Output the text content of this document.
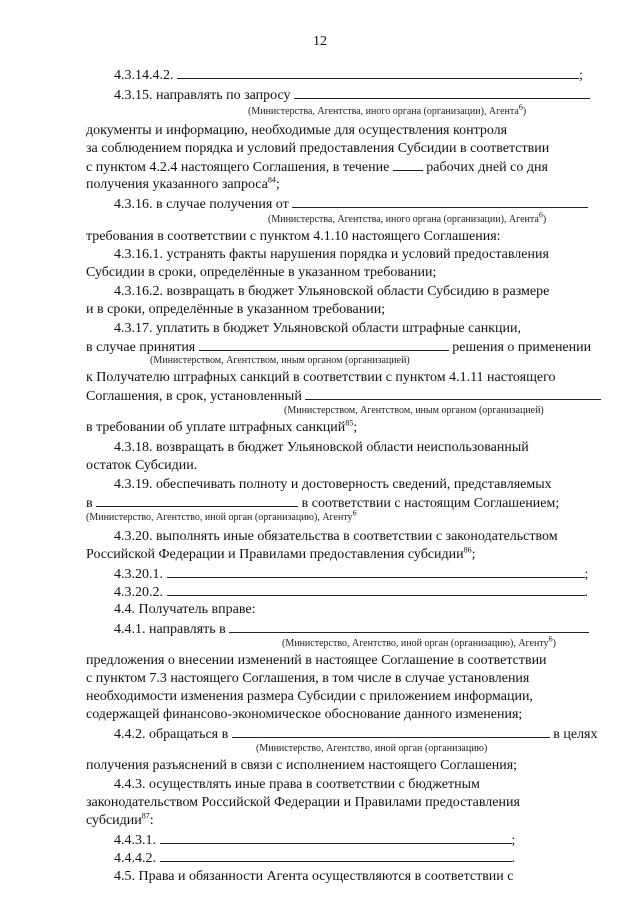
12
4.3.14.4.2.	;
4.3.15. направлять по запросу
(Министерства, Агентства, иного органа (организации), Агента$^6$)
документы и информацию, необходимые для осуществления контроля
за соблюдением порядка и условий предоставления Субсидии в соответствии
с пунктом 4.2.4 настоящего Соглашения, в течение	рабочих дней со дня
получения указанного запроса$^{84}$;
4.3.16. в случае получения от
(Министерства, Агентства, иного органа (организации), Агента$^6$)
требования в соответствии с пунктом 4.1.10 настоящего Соглашения:
4.3.16.1. устранять факты нарушения порядка и условий предоставления
Субсидии в сроки, определённые в указанном требовании;
4.3.16.2. возвращать в бюджет Ульяновской области Субсидию в размере
и в сроки, определённые в указанном требовании;
4.3.17. уплатить в бюджет Ульяновской области штрафные санкции,
в случае принятия	решения о применении
(Министерством, Агентством, иным органом (организацией)
к Получателю штрафных санкций в соответствии с пунктом 4.1.11 настоящего
Соглашения, в срок, установленный
(Министерством, Агентством, иным органом (организацией)
в требовании об уплате штрафных санкций$^{85}$;
4.3.18. возвращать в бюджет Ульяновской области неиспользованный
остаток Субсидии.
4.3.19. обеспечивать полноту и достоверность сведений, представляемых
в	в соответствии с настоящим Соглашением;
(Министерство, Агентство, иной орган (организацию), Агенту$^6$
4.3.20. выполнять иные обязательства в соответствии с законодательством
Российской Федерации и Правилами предоставления субсидии$^{86}$;
4.3.20.1.	;
4.3.20.2.	.
4.4. Получатель вправе:
4.4.1. направлять в
(Министерство, Агентство, иной орган (организацию), Агенту$^6$)
предложения о внесении изменений в настоящее Соглашение в соответствии
с пунктом 7.3 настоящего Соглашения, в том числе в случае установления
необходимости изменения размера Субсидии с приложением информации,
содержащей финансово-экономическое обоснование данного изменения;
4.4.2. обращаться в	в целях
(Министерство, Агентство, иной орган (организацию)
получения разъяснений в связи с исполнением настоящего Соглашения;
4.4.3. осуществлять иные права в соответствии с бюджетным
законодательством Российской Федерации и Правилами предоставления
субсидии$^{87}$:
4.4.3.1.	;
4.4.4.2.	.
4.5. Права и обязанности Агента осуществляются в соответствии с
